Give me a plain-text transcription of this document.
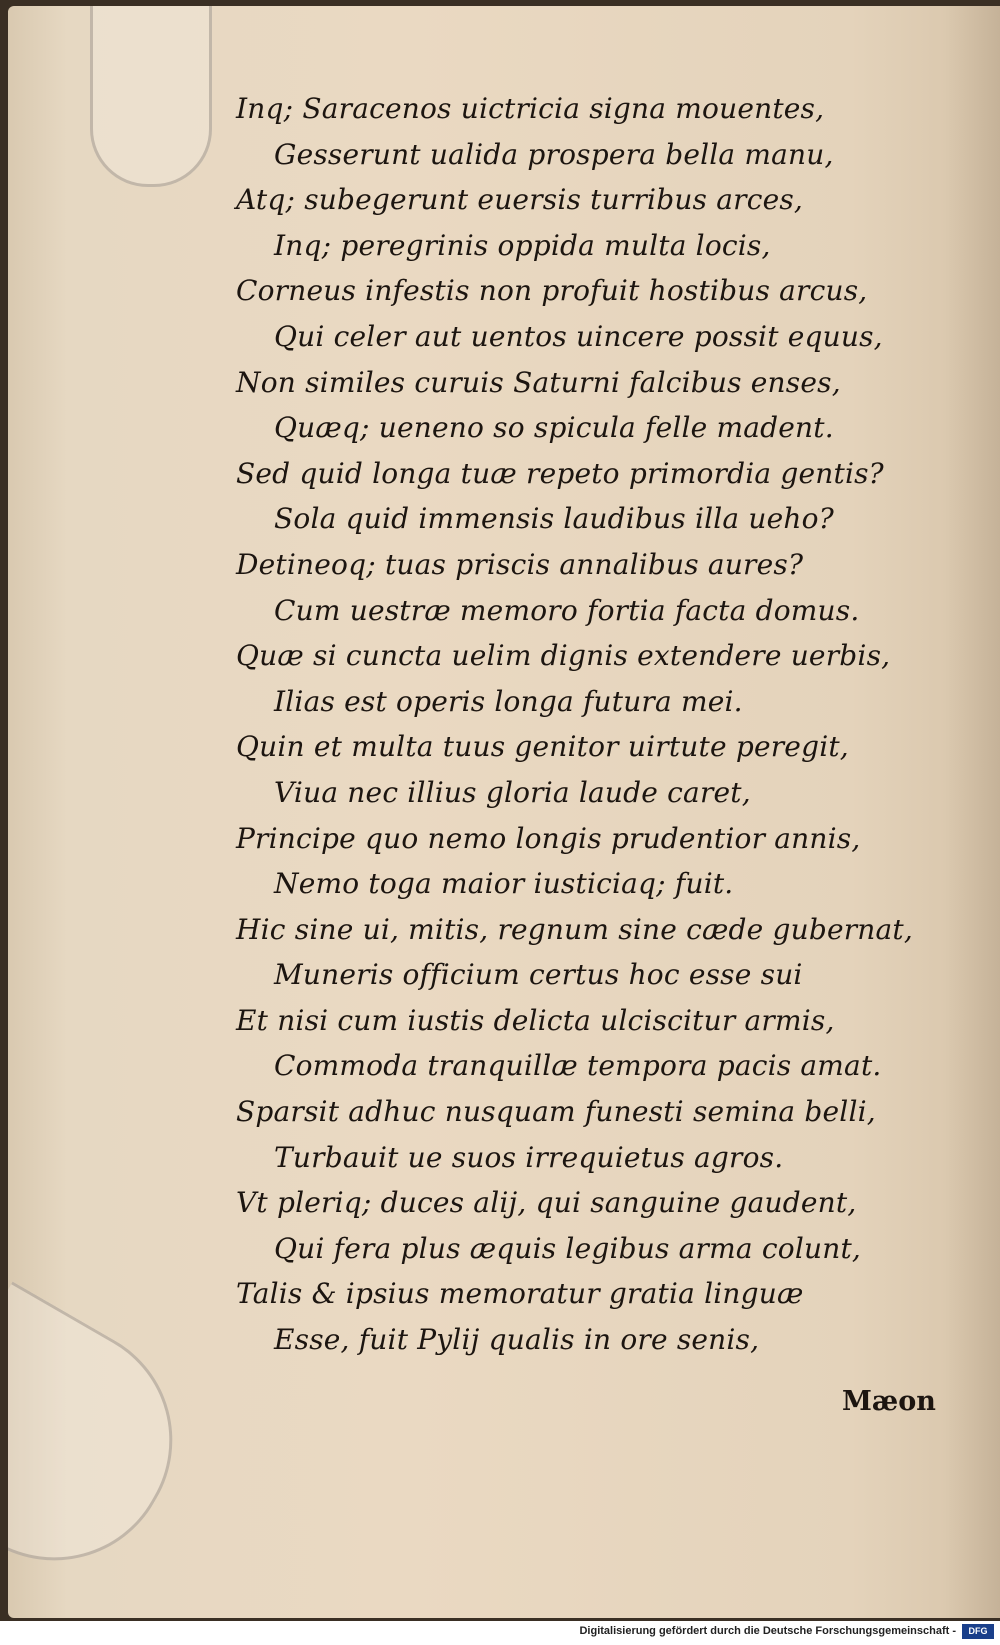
Inq; Saracenos uictricia signa mouentes,
Gesserunt ualida prospera bella manu,
Atq; subegerunt euersis turribus arces,
Inq; peregrinis oppida multa locis,
Corneus infestis non profuit hostibus arcus,
Qui celer aut uentos uincere possit equus,
Non similes curuis Saturni falcibus enses,
Quæq; ueneno so spicula felle madent.
Sed quid longa tuæ repeto primordia gentis?
Sola quid immensis laudibus illa ueho?
Detineoq; tuas priscis annalibus aures?
Cum uestræ memoro fortia facta domus.
Quæ si cuncta uelim dignis extendere uerbis,
Ilias est operis longa futura mei.
Quin et multa tuus genitor uirtute peregit,
Viua nec illius gloria laude caret,
Principe quo nemo longis prudentior annis,
Nemo toga maior iusticiaq; fuit.
Hic sine ui, mitis, regnum sine cæde gubernat,
Muneris officium certus hoc esse sui
Et nisi cum iustis delicta ulciscitur armis,
Commoda tranquillæ tempora pacis amat.
Sparsit adhuc nusquam funesti semina belli,
Turbauit ue suos irrequietus agros.
Vt pleriq; duces alij, qui sanguine gaudent,
Qui fera plus æquis legibus arma colunt,
Talis & ipsius memoratur gratia linguæ
Esse, fuit Pylij qualis in ore senis,
Mæon
Digitalisierung gefördert durch die Deutsche Forschungsgemeinschaft -	DFG
